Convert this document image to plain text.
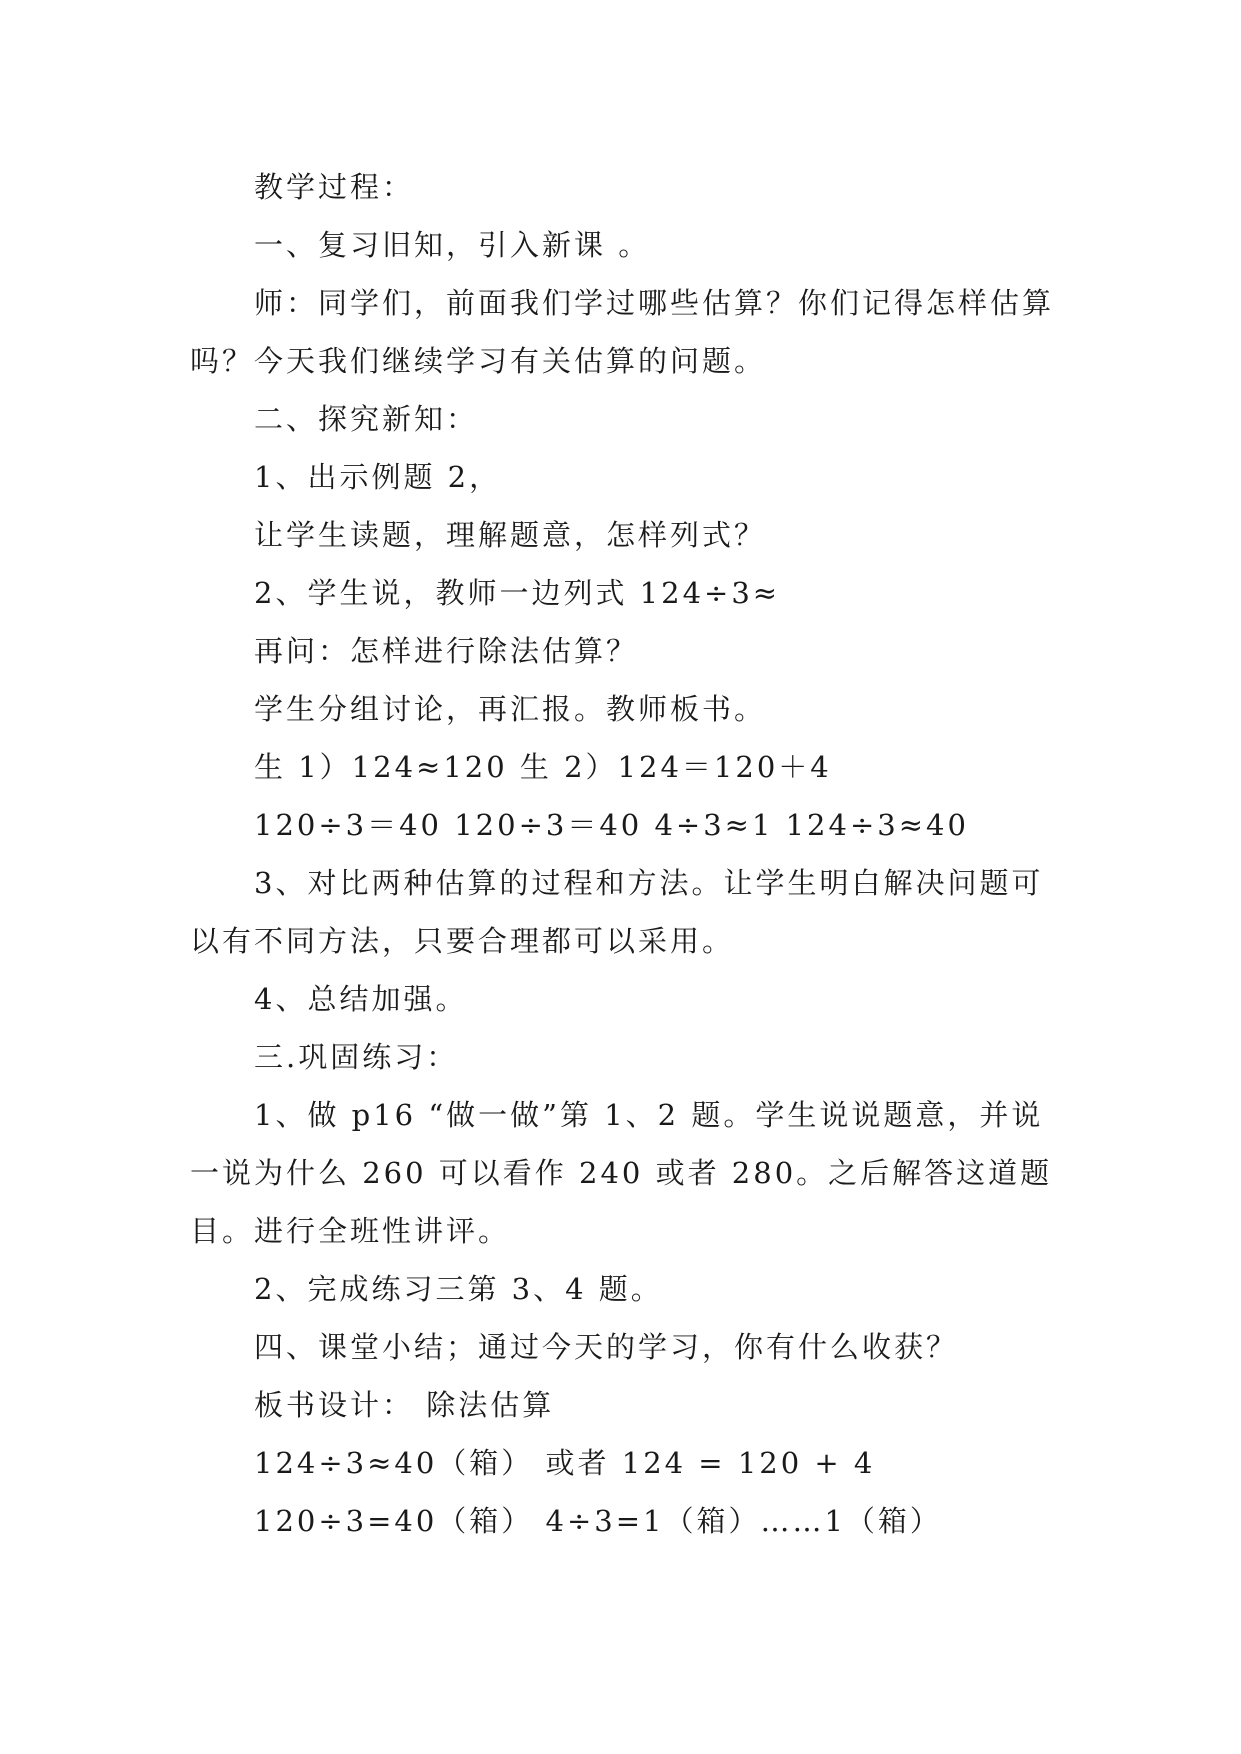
教学过程：

一、复习旧知，引入新课 。

师：同学们，前面我们学过哪些估算？你们记得怎样估算吗？今天我们继续学习有关估算的问题。

二、探究新知：

1、出示例题 2，

让学生读题，理解题意，怎样列式？

2、学生说，教师一边列式 124÷3≈

再问：怎样进行除法估算？

学生分组讨论，再汇报。教师板书。

生 1）124≈120 生 2）124＝120＋4

120÷3＝40 120÷3＝40 4÷3≈1 124÷3≈40

3、对比两种估算的过程和方法。让学生明白解决问题可以有不同方法，只要合理都可以采用。

4、总结加强。

三.巩固练习：

1、做 p16 “做一做”第 1、2 题。学生说说题意，并说一说为什么 260 可以看作 240 或者 280。之后解答这道题目。进行全班性讲评。

2、完成练习三第 3、4 题。

四、课堂小结；通过今天的学习，你有什么收获？

板书设计： 除法估算

124÷3≈40（箱） 或者 124 = 120 + 4

120÷3=40（箱） 4÷3=1（箱）……1（箱）
